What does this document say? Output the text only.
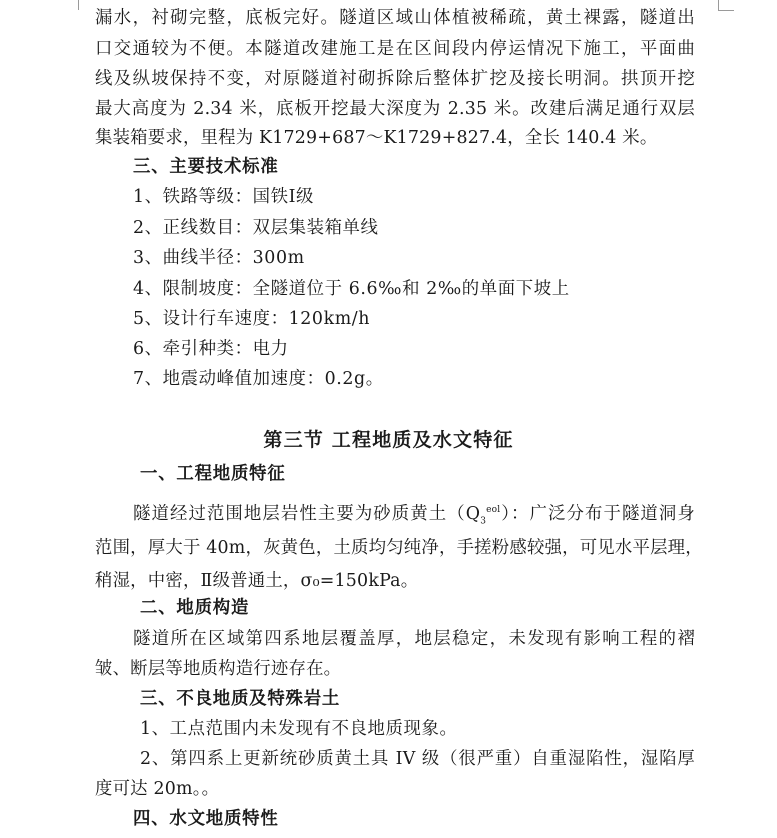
漏水，衬砌完整，底板完好。隧道区域山体植被稀疏，黄土裸露，隧道出
口交通较为不便。本隧道改建施工是在区间段内停运情况下施工，平面曲
线及纵坡保持不变，对原隧道衬砌拆除后整体扩挖及接长明洞。拱顶开挖
最大高度为 2.34 米，底板开挖最大深度为 2.35 米。改建后满足通行双层
集装箱要求，里程为 K1729+687～K1729+827.4，全长 140.4 米。
三、主要技术标准
1、铁路等级：国铁Ⅰ级
2、正线数目：双层集装箱单线
3、曲线半径：300m
4、限制坡度：全隧道位于 6.6‰和 2‰的单面下坡上
5、设计行车速度：120km/h
6、牵引种类：电力
7、地震动峰值加速度：0.2g。
第三节 工程地质及水文特征
一、工程地质特征
隧道经过范围地层岩性主要为砂质黄土$(Q_3^{eol})$：广泛分布于隧道洞身
范围，厚大于 40m，灰黄色，土质均匀纯净，手搓粉感较强，可见水平层理，
稍湿，中密，Ⅱ级普通土，σ₀=150kPa。
二、地质构造
隧道所在区域第四系地层覆盖厚，地层稳定，未发现有影响工程的褶
皱、断层等地质构造行迹存在。
三、不良地质及特殊岩土
1、工点范围内未发现有不良地质现象。
2、第四系上更新统砂质黄土具 IV 级（很严重）自重湿陷性，湿陷厚
度可达 20m。。
四、水文地质特性
